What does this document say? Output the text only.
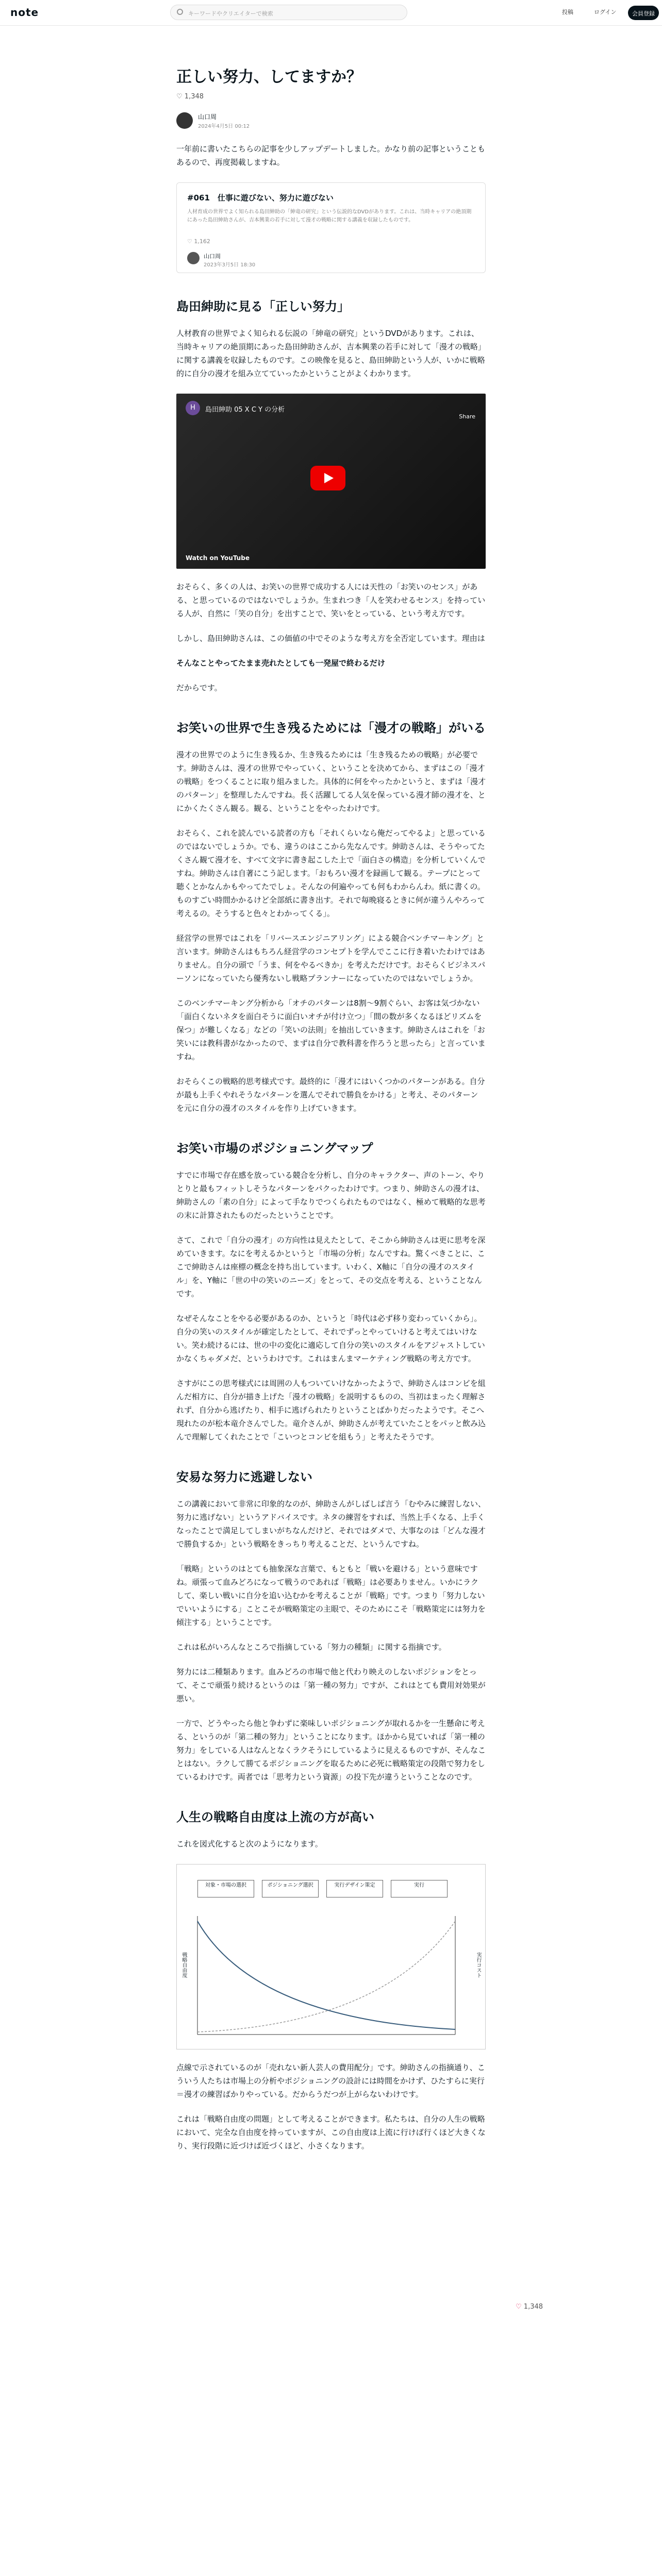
note	キーワードやクリエイターで検索	投稿	ログイン	会員登録
正しい努力、してますか？
♡ 1,348
山口周
2024年4月5日 00:12

一年前に書いたこちらの記事を少しアップデートしました。かなり前の記事ということもあるので、再度掲載しますね。

#061　仕事に遊びない、努力に遊びない
人材育成の世界でよく知られる島田紳助の「紳竜の研究」という伝説的なDVDがあります。これは、当時キャリアの絶頂期にあった島田紳助さんが、吉本興業の若手に対して漫才の戦略に関する講義を収録したものです。
♡ 1,162
山口周
2023年3月5日 18:30
島田紳助に見る「正しい努力」

人材教育の世界でよく知られる伝説の「紳竜の研究」というDVDがあります。これは、当時キャリアの絶頂期にあった島田紳助さんが、吉本興業の若手に対して「漫才の戦略」に関する講義を収録したものです。この映像を見ると、島田紳助という人が、いかに戦略的に自分の漫才を組み立てていったかということがよくわかります。

H	島田紳助 05 X C Y の分析
Share
Watch on YouTube

おそらく、多くの人は、お笑いの世界で成功する人には天性の「お笑いのセンス」がある、と思っているのではないでしょうか。生まれつき「人を笑わせるセンス」を持っている人が、自然に「笑の自分」を出すことで、笑いをとっている、という考え方です。

しかし、島田紳助さんは、この価値の中でそのような考え方を全否定しています。理由は

そんなことやってたまま売れたとしても一発屋で終わるだけ

だからです。

お笑いの世界で生き残るためには「漫才の戦略」がいる

漫才の世界でのように生き残るか、生き残るためには「生き残るための戦略」が必要です。紳助さんは、漫才の世界でやっていく、ということを決めてから、まずはこの「漫才の戦略」をつくることに取り組みました。具体的に何をやったかというと、まずは「漫才のパターン」を整理したんですね。長く活躍してる人気を保っている漫才師の漫才を、とにかくたくさん観る。観る、ということをやったわけです。

おそらく、これを読んでいる読者の方も「それくらいなら俺だってやるよ」と思っているのではないでしょうか。でも、違うのはここから先なんです。紳助さんは、そうやってたくさん観て漫才を、すべて文字に書き起こした上で「面白さの構造」を分析していくんですね。紳助さんは自著にこう記します。「おもろい漫才を録画して観る。テープにとって聴くとかなんかもやってたでしょ。そんなの何遍やっても何もわからんわ。紙に書くの。ものすごい時間かかるけど全部紙に書き出す。それで毎晩寝るときに何が違うんやろって考えるの。そうすると色々とわかってくる」。

経営学の世界ではこれを「リバースエンジニアリング」による競合ベンチマーキング」と言います。紳助さんはもちろん経営学のコンセプトを学んでここに行き着いたわけではありません。自分の頭で「うま、何をやるべきか」を考えただけです。おそらくビジネスパーソンになっていたら優秀ないし戦略プランナーになっていたのではないでしょうか。

このベンチマーキング分析から「オチのパターンは8割〜9割ぐらい、お客は気づかない「面白くないネタを面白そうに面白いオチが付け立つ」「間の数が多くなるほどリズムを保つ」が難しくなる」などの「笑いの法則」を抽出していきます。紳助さんはこれを「お笑いには教科書がなかったので、まずは自分で教科書を作ろうと思ったら」と言っていますね。

おそらくこの戦略的思考様式です。最終的に「漫才にはいくつかのパターンがある。自分が最も上手くやれそうなパターンを選んでそれで勝負をかける」と考え、そのパターンを元に自分の漫才のスタイルを作り上げていきます。

お笑い市場のポジショニングマップ

すでに市場で存在感を放っている競合を分析し、自分のキャラクター、声のトーン、やりとりと最もフィットしそうなパターンをパクったわけです。つまり、紳助さんの漫才は、紳助さんの「素の自分」によって手なりでつくられたものではなく、極めて戦略的な思考の末に計算されたものだったということです。

さて、これで「自分の漫才」の方向性は見えたとして、そこから紳助さんは更に思考を深めていきます。なにを考えるかというと「市場の分析」なんですね。驚くべきことに、ここで紳助さんは座標の概念を持ち出しています。いわく、X軸に「自分の漫才のスタイル」を、Y軸に「世の中の笑いのニーズ」をとって、その交点を考える、ということなんです。

なぜそんなことをやる必要があるのか、というと「時代は必ず移り変わっていくから」。自分の笑いのスタイルが確定したとして、それでずっとやっていけると考えてはいけない。笑わ続けるには、世の中の変化に適応して自分の笑いのスタイルをアジャストしていかなくちゃダメだ、というわけです。これはまんまマーケティング戦略の考え方です。

さすがにこの思考様式には周囲の人もついていけなかったようで、紳助さんはコンビを組んだ相方に、自分が描き上げた「漫才の戦略」を説明するものの、当初はまったく理解されず、自分から逃げたり、相手に逃げられたりということばかりだったようです。そこへ現れたのが松本竜介さんでした。竜介さんが、紳助さんが考えていたことをパッと飲み込んで理解してくれたことで「こいつとコンビを組もう」と考えたそうです。

安易な努力に逃避しない

この講義において非常に印象的なのが、紳助さんがしばしば言う「むやみに練習しない、努力に逃げない」というアドバイスです。ネタの練習をすれば、当然上手くなる、上手くなったことで満足してしまいがちなんだけど、それではダメで、大事なのは「どんな漫才で勝負するか」という戦略をきっちり考えることだ、というんですね。

「戦略」というのはとても抽象深な言葉で、もともと「戦いを避ける」という意味ですね。頑張って血みどろになって戦うのであれば「戦略」は必要ありません。いかにラクして、楽しい戦いに自分を追い込むかを考えることが「戦略」です。つまり「努力しないでいいようにする」ことこそが戦略策定の主眼で、そのためにこそ「戦略策定には努力を傾注する」ということです。

これは私がいろんなところで指摘している「努力の種類」に関する指摘です。

努力には二種類あります。血みどろの市場で他と代わり映えのしないポジションをとって、そこで頑張り続けるというのは「第一種の努力」ですが、これはとても費用対効果が悪い。

一方で、どうやったら他と争わずに楽味しいポジショニングが取れるかを一生懸命に考える、というのが「第二種の努力」ということになります。ほかから見ていれば「第一種の努力」をしている人はなんとなくラクそうにしているように見えるものですが、そんなことはない。ラクして勝てるポジショニングを取るために必死に戦略策定の段階で努力をしているわけです。両者では「思考力という資源」の投下先が違うということなのです。

人生の戦略自由度は上流の方が高い

これを図式化すると次のようになります。

対象・市場の選択	ポジショニング選択	実行デザイン策定	実行
戦略自由度	実行コスト

点線で示されているのが「売れない新人芸人の費用配分」です。紳助さんの指摘通り、こういう人たちは市場上の分析やポジショニングの設計には時間をかけず、ひたすらに実行＝漫才の練習ばかりやっている。だからうだつが上がらないわけです。

これは「戦略自由度の問題」として考えることができます。私たちは、自分の人生の戦略において、完全な自由度を持っていますが、この自由度は上流に行けば行くほど大きくなり、実行段階に近づけば近づくほど、小さくなります。

♡ 1,348
